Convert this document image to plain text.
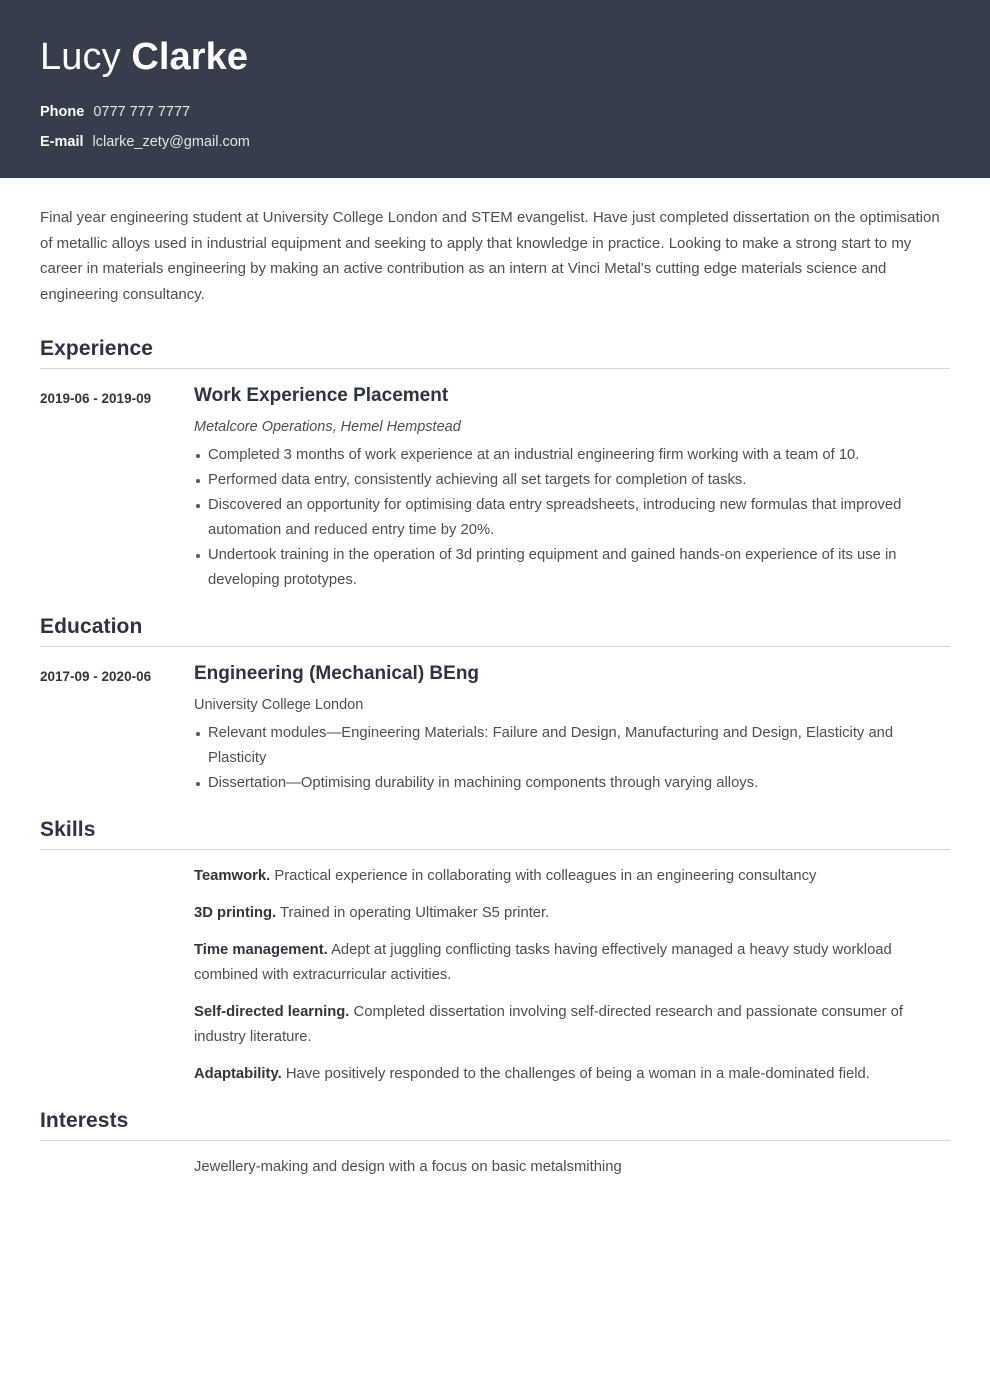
Lucy Clarke
Phone 0777 777 7777
E-mail lclarke_zety@gmail.com
Final year engineering student at University College London and STEM evangelist. Have just completed dissertation on the optimisation of metallic alloys used in industrial equipment and seeking to apply that knowledge in practice. Looking to make a strong start to my career in materials engineering by making an active contribution as an intern at Vinci Metal's cutting edge materials science and engineering consultancy.
Experience
2019-06 - 2019-09	Work Experience Placement
Metalcore Operations, Hemel Hempstead
Completed 3 months of work experience at an industrial engineering firm working with a team of 10.
Performed data entry, consistently achieving all set targets for completion of tasks.
Discovered an opportunity for optimising data entry spreadsheets, introducing new formulas that improved automation and reduced entry time by 20%.
Undertook training in the operation of 3d printing equipment and gained hands-on experience of its use in developing prototypes.
Education
2017-09 - 2020-06	Engineering (Mechanical) BEng
University College London
Relevant modules—Engineering Materials: Failure and Design, Manufacturing and Design, Elasticity and Plasticity
Dissertation—Optimising durability in machining components through varying alloys.
Skills
Teamwork. Practical experience in collaborating with colleagues in an engineering consultancy
3D printing. Trained in operating Ultimaker S5 printer.
Time management. Adept at juggling conflicting tasks having effectively managed a heavy study workload combined with extracurricular activities.
Self-directed learning. Completed dissertation involving self-directed research and passionate consumer of industry literature.
Adaptability. Have positively responded to the challenges of being a woman in a male-dominated field.
Interests
Jewellery-making and design with a focus on basic metalsmithing
